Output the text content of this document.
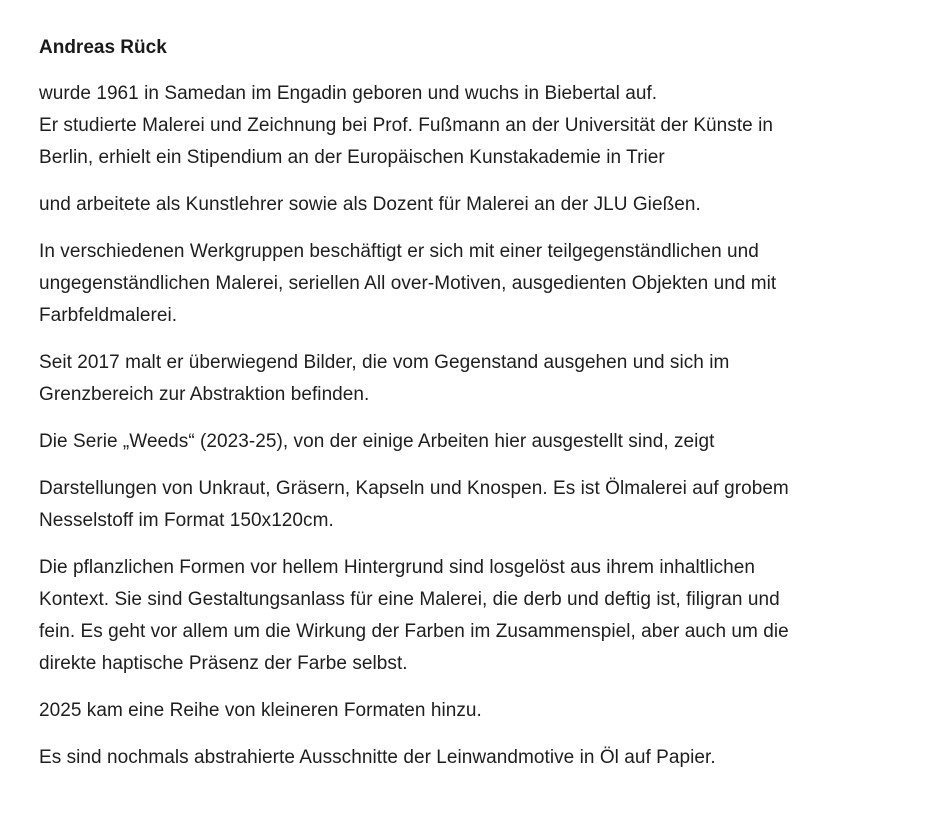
Andreas Rück
wurde 1961 in Samedan im Engadin geboren und wuchs in Biebertal auf.
Er studierte Malerei und Zeichnung bei Prof. Fußmann an der Universität der Künste in
Berlin, erhielt ein Stipendium an der Europäischen Kunstakademie in Trier
und arbeitete als Kunstlehrer sowie als Dozent für Malerei an der JLU Gießen.
In verschiedenen Werkgruppen beschäftigt er sich mit einer teilgegenständlichen und
ungegenständlichen Malerei, seriellen All over-Motiven, ausgedienten Objekten und mit
Farbfeldmalerei.
Seit 2017 malt er überwiegend Bilder, die vom Gegenstand ausgehen und sich im
Grenzbereich zur Abstraktion befinden.
Die Serie „Weeds“ (2023-25), von der einige Arbeiten hier ausgestellt sind, zeigt
Darstellungen von Unkraut, Gräsern, Kapseln und Knospen. Es ist Ölmalerei auf grobem
Nesselstoff im Format 150x120cm.
Die pflanzlichen Formen vor hellem Hintergrund sind losgelöst aus ihrem inhaltlichen
Kontext. Sie sind Gestaltungsanlass für eine Malerei, die derb und deftig ist, filigran und
fein. Es geht vor allem um die Wirkung der Farben im Zusammenspiel, aber auch um die
direkte haptische Präsenz der Farbe selbst.
2025 kam eine Reihe von kleineren Formaten hinzu.
Es sind nochmals abstrahierte Ausschnitte der Leinwandmotive in Öl auf Papier.
